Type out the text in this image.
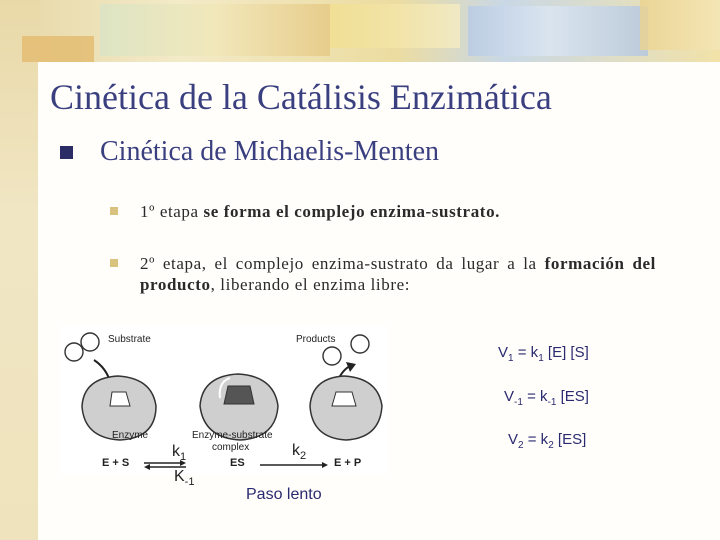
Cinética de la Catálisis Enzimática
Cinética de Michaelis-Menten
1º etapa se forma el complejo enzima-sustrato.
2º etapa, el complejo enzima-sustrato da lugar a la formación del producto, liberando el enzima libre:
Substrate	Products
Enzyme	Enzyme-substrate
complex
E + S	ES	E + P
$k_1$
$K_{-1}$
$k_2$
Paso lento
$V_1 = k_1$ [E] [S]
$V_{-1} = k_{-1}$ [ES]
$V_2 = k_2$ [ES]
